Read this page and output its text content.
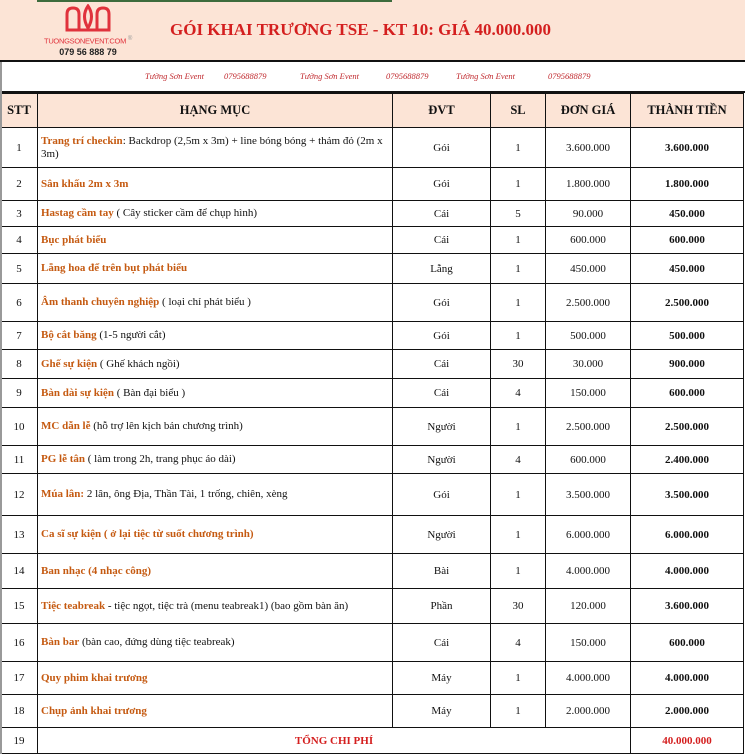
TUONGSONEVENT.COM ®
079 56 888 79
GÓI KHAI TRƯƠNG TSE - KT 10: GIÁ 40.000.000
Tường Sơn Event 0795688879	Tường Sơn Event	0795688879	Tường Sơn Event	0795688879
STT	HẠNG MỤC	ĐVT	SL	ĐƠN GIÁ	THÀNH TIỀN
1	Trang trí checkin: Backdrop (2,5m x 3m) + line bóng bóng + thảm đỏ (2m x 3m)	Gói	1	3.600.000	3.600.000
2	Sân khấu 2m x 3m	Gói	1	1.800.000	1.800.000
3	Hastag cầm tay ( Cây sticker cầm để chụp hình)	Cái	5	90.000	450.000
4	Bục phát biểu	Cái	1	600.000	600.000
5	Lẵng hoa để trên bụt phát biểu	Lẵng	1	450.000	450.000
6	Âm thanh chuyên nghiệp ( loại chỉ phát biểu )	Gói	1	2.500.000	2.500.000
7	Bộ cắt băng (1-5 người cắt)	Gói	1	500.000	500.000
8	Ghế sự kiện ( Ghế khách ngồi)	Cái	30	30.000	900.000
9	Bàn dài sự kiện ( Bàn đại biểu )	Cái	4	150.000	600.000
10	MC dẫn lễ (hỗ trợ lên kịch bản chương trình)	Người	1	2.500.000	2.500.000
11	PG lễ tân ( làm trong 2h, trang phục áo dài)	Người	4	600.000	2.400.000
12	Múa lân: 2 lân, ông Địa, Thần Tài, 1 trống, chiên, xèng	Gói	1	3.500.000	3.500.000
13	Ca sĩ sự kiện ( ở lại tiệc từ suốt chương trình)	Người	1	6.000.000	6.000.000
14	Ban nhạc (4 nhạc công)	Bài	1	4.000.000	4.000.000
15	Tiệc teabreak - tiệc ngọt, tiệc trà (menu teabreak1) (bao gồm bàn ăn)	Phần	30	120.000	3.600.000
16	Bàn bar (bàn cao, đứng dùng tiệc teabreak)	Cái	4	150.000	600.000
17	Quy phim khai trương	Máy	1	4.000.000	4.000.000
18	Chụp ảnh khai trương	Máy	1	2.000.000	2.000.000
19	TỔNG CHI PHÍ				40.000.000
